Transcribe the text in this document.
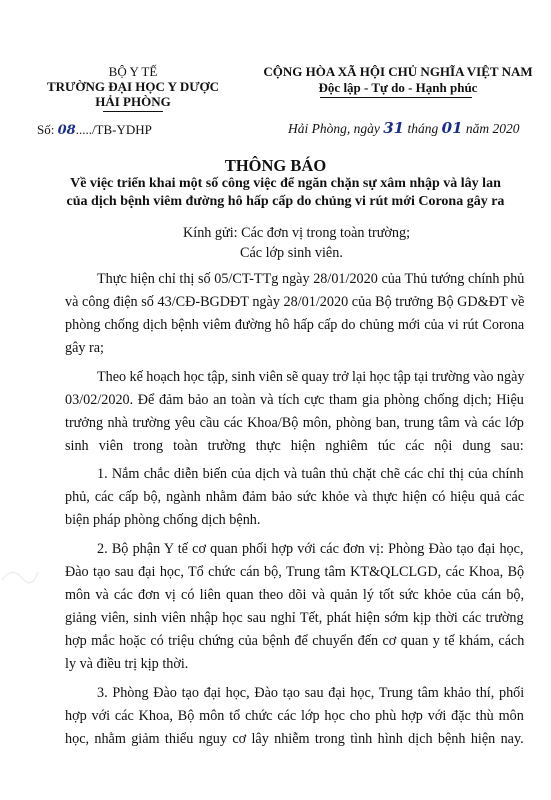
BỘ Y TẾ
TRƯỜNG ĐẠI HỌC Y DƯỢC
HẢI PHÒNG
Số: 08...../TB-YDHP
CỘNG HÒA XÃ HỘI CHỦ NGHĨA VIỆT NAM
Độc lập - Tự do - Hạnh phúc
Hải Phòng, ngày 31 tháng 01 năm 2020
THÔNG BÁO
Về việc triển khai một số công việc để ngăn chặn sự xâm nhập và lây lan
của dịch bệnh viêm đường hô hấp cấp do chủng vi rút mới Corona gây ra
Kính gửi: Các đơn vị trong toàn trường;
Các lớp sinh viên.
Thực hiện chỉ thị số 05/CT-TTg ngày 28/01/2020 của Thủ tướng chính phủ
và công điện số 43/CĐ-BGDĐT ngày 28/01/2020 của Bộ trưởng Bộ GD&ĐT về
phòng chống dịch bệnh viêm đường hô hấp cấp do chủng mới của vi rút Corona
gây ra;
Theo kế hoạch học tập, sinh viên sẽ quay trở lại học tập tại trường vào ngày
03/02/2020. Để đảm bảo an toàn và tích cực tham gia phòng chống dịch; Hiệu
trưởng nhà trường yêu cầu các Khoa/Bộ môn, phòng ban, trung tâm và các lớp
sinh viên trong toàn trường thực hiện nghiêm túc các nội dung sau:
1. Nắm chắc diễn biến của dịch và tuân thủ chặt chẽ các chỉ thị của chính
phủ, các cấp bộ, ngành nhằm đảm bảo sức khỏe và thực hiện có hiệu quả các
biện pháp phòng chống dịch bệnh.
2. Bộ phận Y tế cơ quan phối hợp với các đơn vị: Phòng Đào tạo đại học,
Đào tạo sau đại học, Tổ chức cán bộ, Trung tâm KT&QLCLGD, các Khoa, Bộ
môn và các đơn vị có liên quan theo dõi và quản lý tốt sức khỏe của cán bộ,
giảng viên, sinh viên nhập học sau nghỉ Tết, phát hiện sớm kịp thời các trường
hợp mắc hoặc có triệu chứng của bệnh để chuyển đến cơ quan y tế khám, cách
ly và điều trị kịp thời.
3. Phòng Đào tạo đại học, Đào tạo sau đại học, Trung tâm khảo thí, phối
hợp với các Khoa, Bộ môn tổ chức các lớp học cho phù hợp với đặc thù môn
học, nhằm giảm thiểu nguy cơ lây nhiễm trong tình hình dịch bệnh hiện nay.
